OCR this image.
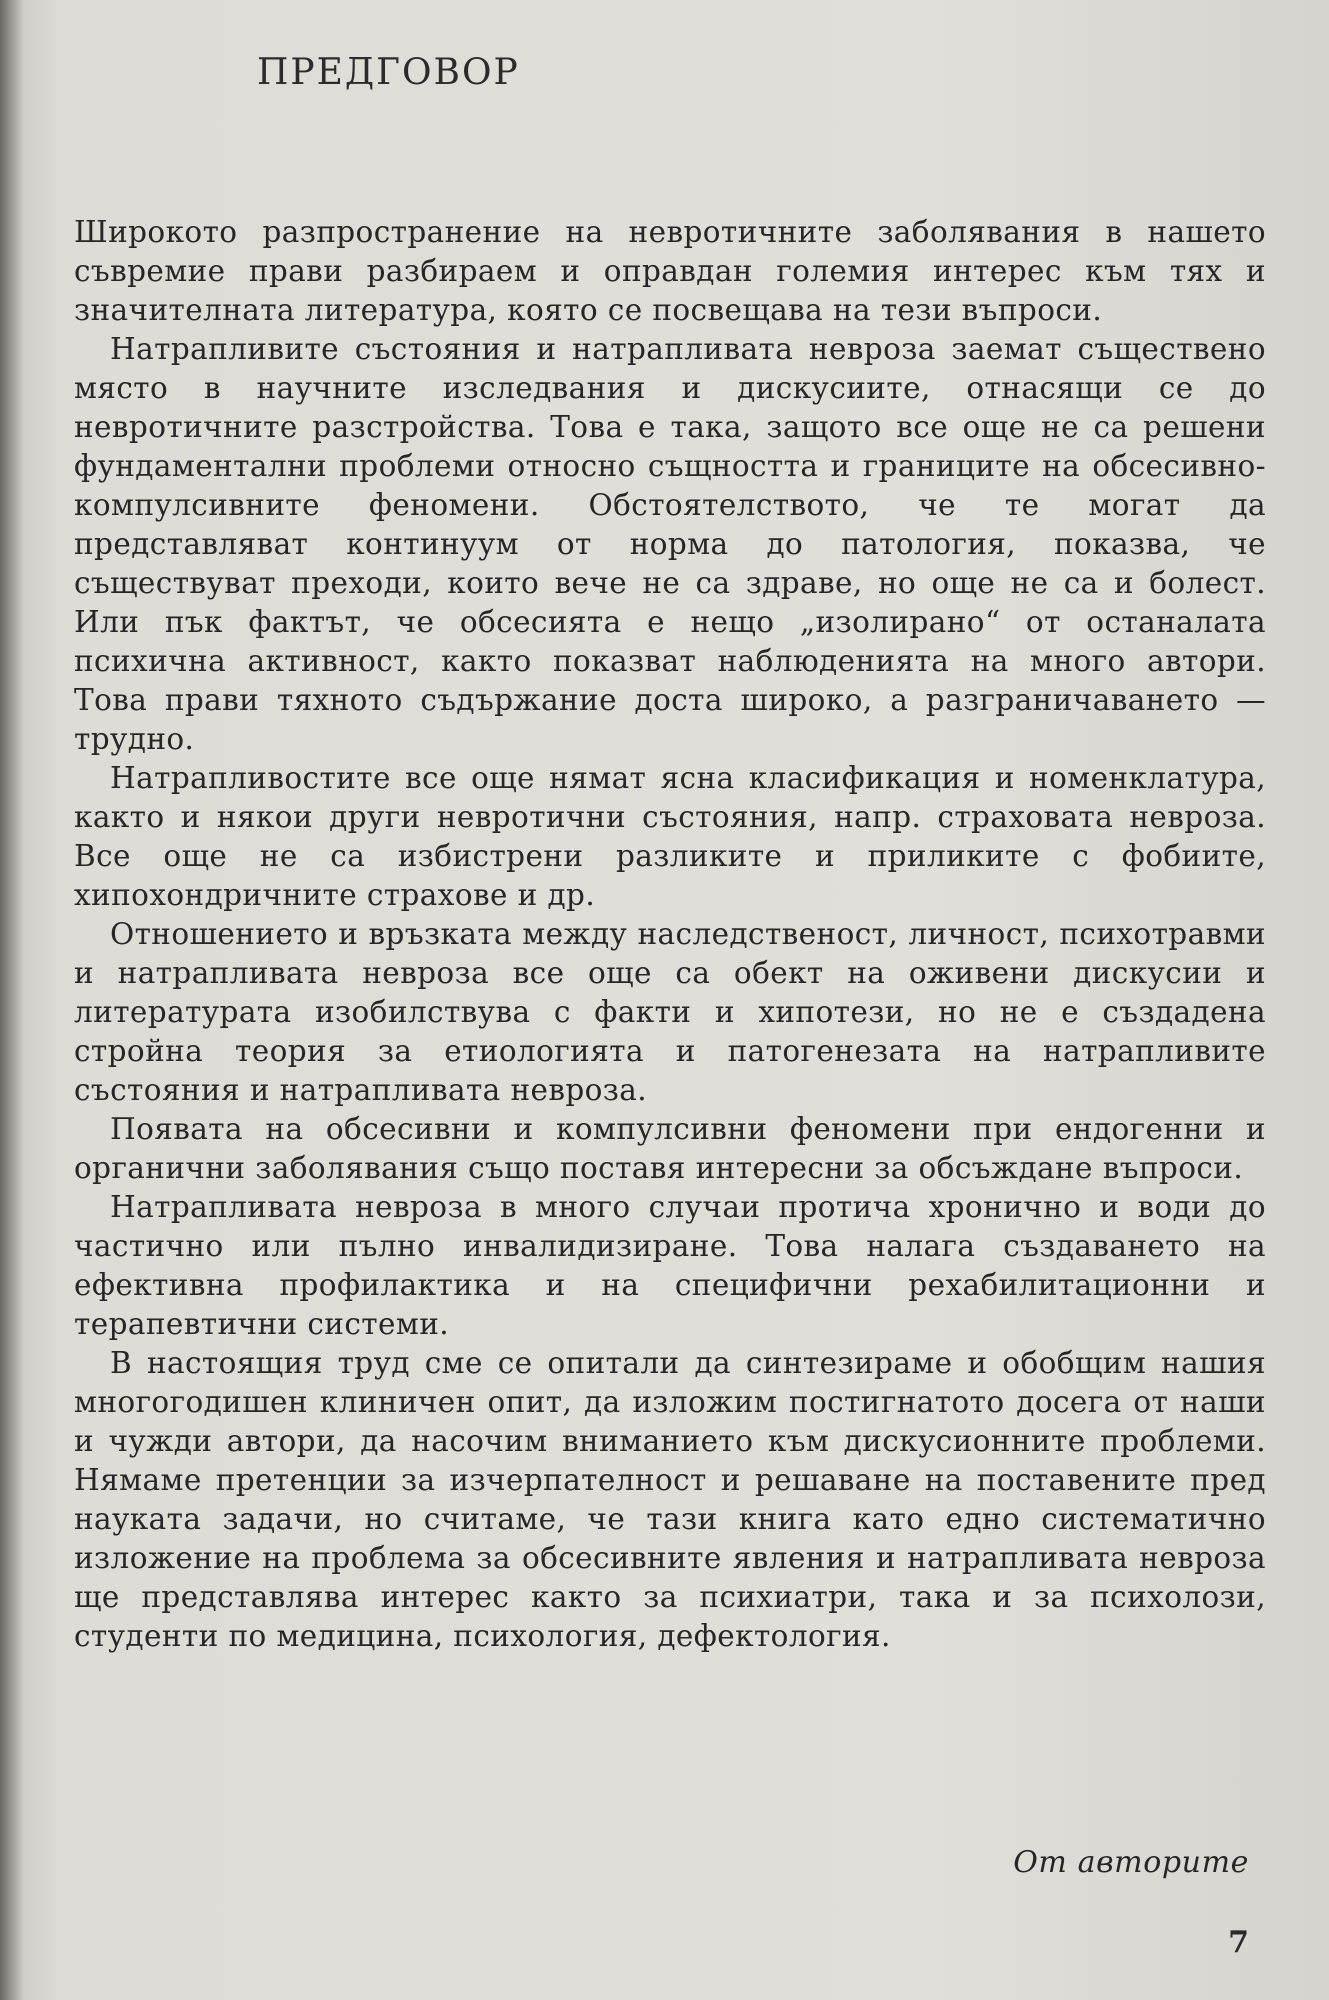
ПРЕДГОВОР

Широкото разпространение на невротичните заболявания в нашето съвремие прави разбираем и оправдан големия интерес към тях и значителната литература, която се посвещава на тези въпроси.

Натрапливите състояния и натрапливата невроза заемат съществено място в научните изследвания и дискусиите, отнасящи се до невротичните разстройства. Това е така, защото все още не са решени фундаментални проблеми относно същността и границите на обсесивно-компулсивните феномени. Обстоятелството, че те могат да представляват континуум от норма до патология, показва, че съществуват преходи, които вече не са здраве, но още не са и болест. Или пък фактът, че обсесията е нещо „изолирано“ от останалата психична активност, както показват наблюденията на много автори. Това прави тяхното съдържание доста широко, а разграничаването — трудно.

Натрапливостите все още нямат ясна класификация и номенклатура, както и някои други невротични състояния, напр. страховата невроза. Все още не са избистрени разликите и приликите с фобиите, хипохондричните страхове и др.

Отношението и връзката между наследственост, личност, психотравми и натрапливата невроза все още са обект на оживени дискусии и литературата изобилствува с факти и хипотези, но не е създадена стройна теория за етиологията и патогенезата на натрапливите състояния и натрапливата невроза.

Появата на обсесивни и компулсивни феномени при ендогенни и органични заболявания също поставя интересни за обсъждане въпроси.

Натрапливата невроза в много случаи протича хронично и води до частично или пълно инвалидизиране. Това налага създаването на ефективна профилактика и на специфични рехабилитационни и терапевтични системи.

В настоящия труд сме се опитали да синтезираме и обобщим нашия многогодишен клиничен опит, да изложим постигнатото досега от наши и чужди автори, да насочим вниманието към дискусионните проблеми. Нямаме претенции за изчерпателност и решаване на поставените пред науката задачи, но считаме, че тази книга като едно систематично изложение на проблема за обсесивните явления и натрапливата невроза ще представлява интерес както за психиатри, така и за психолози, студенти по медицина, психология, дефектология.

От авторите
7
